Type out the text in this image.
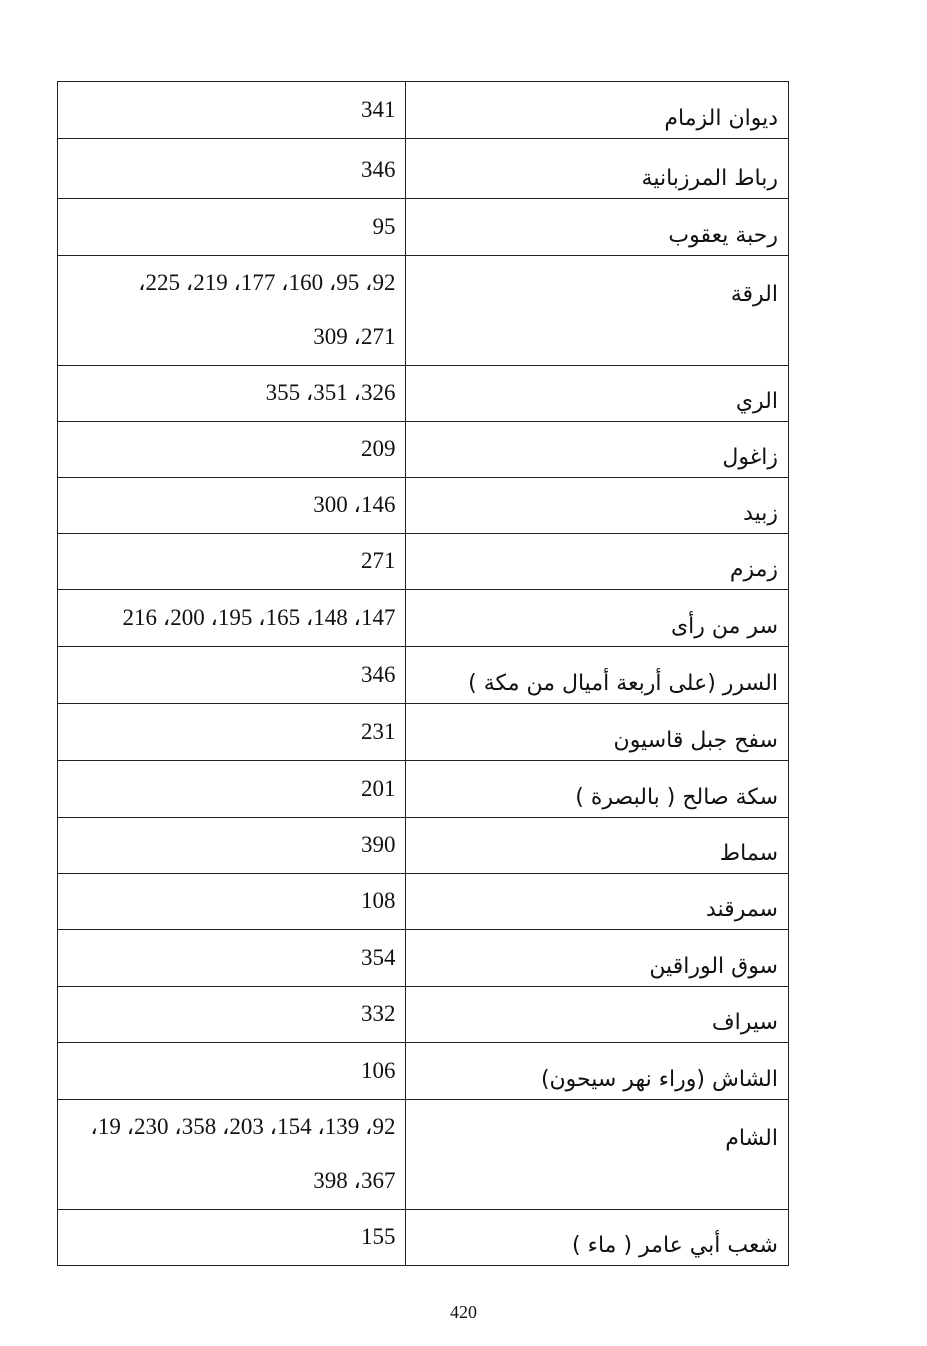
341	ديوان الزمام

346	رباط المرزبانية

95	رحبة يعقوب

92، 95، 160، 177، 219، 225،
271، 309	الرقة

326، 351، 355	الري

209	زاغول

146، 300	زبيد

271	زمزم

147، 148، 165، 195، 200، 216	سر من رأى

346	السرر (على أربعة أميال من مكة )

231	سفح جبل قاسيون

201	سكة صالح ( بالبصرة )

390	سماط

108	سمرقند

354	سوق الوراقين

332	سيراف

106	الشاش (وراء نهر سيحون)

92، 139، 154، 203، 358، 230، 19،
367، 398	الشام

155	شعب أبي عامر ( ماء )
420
